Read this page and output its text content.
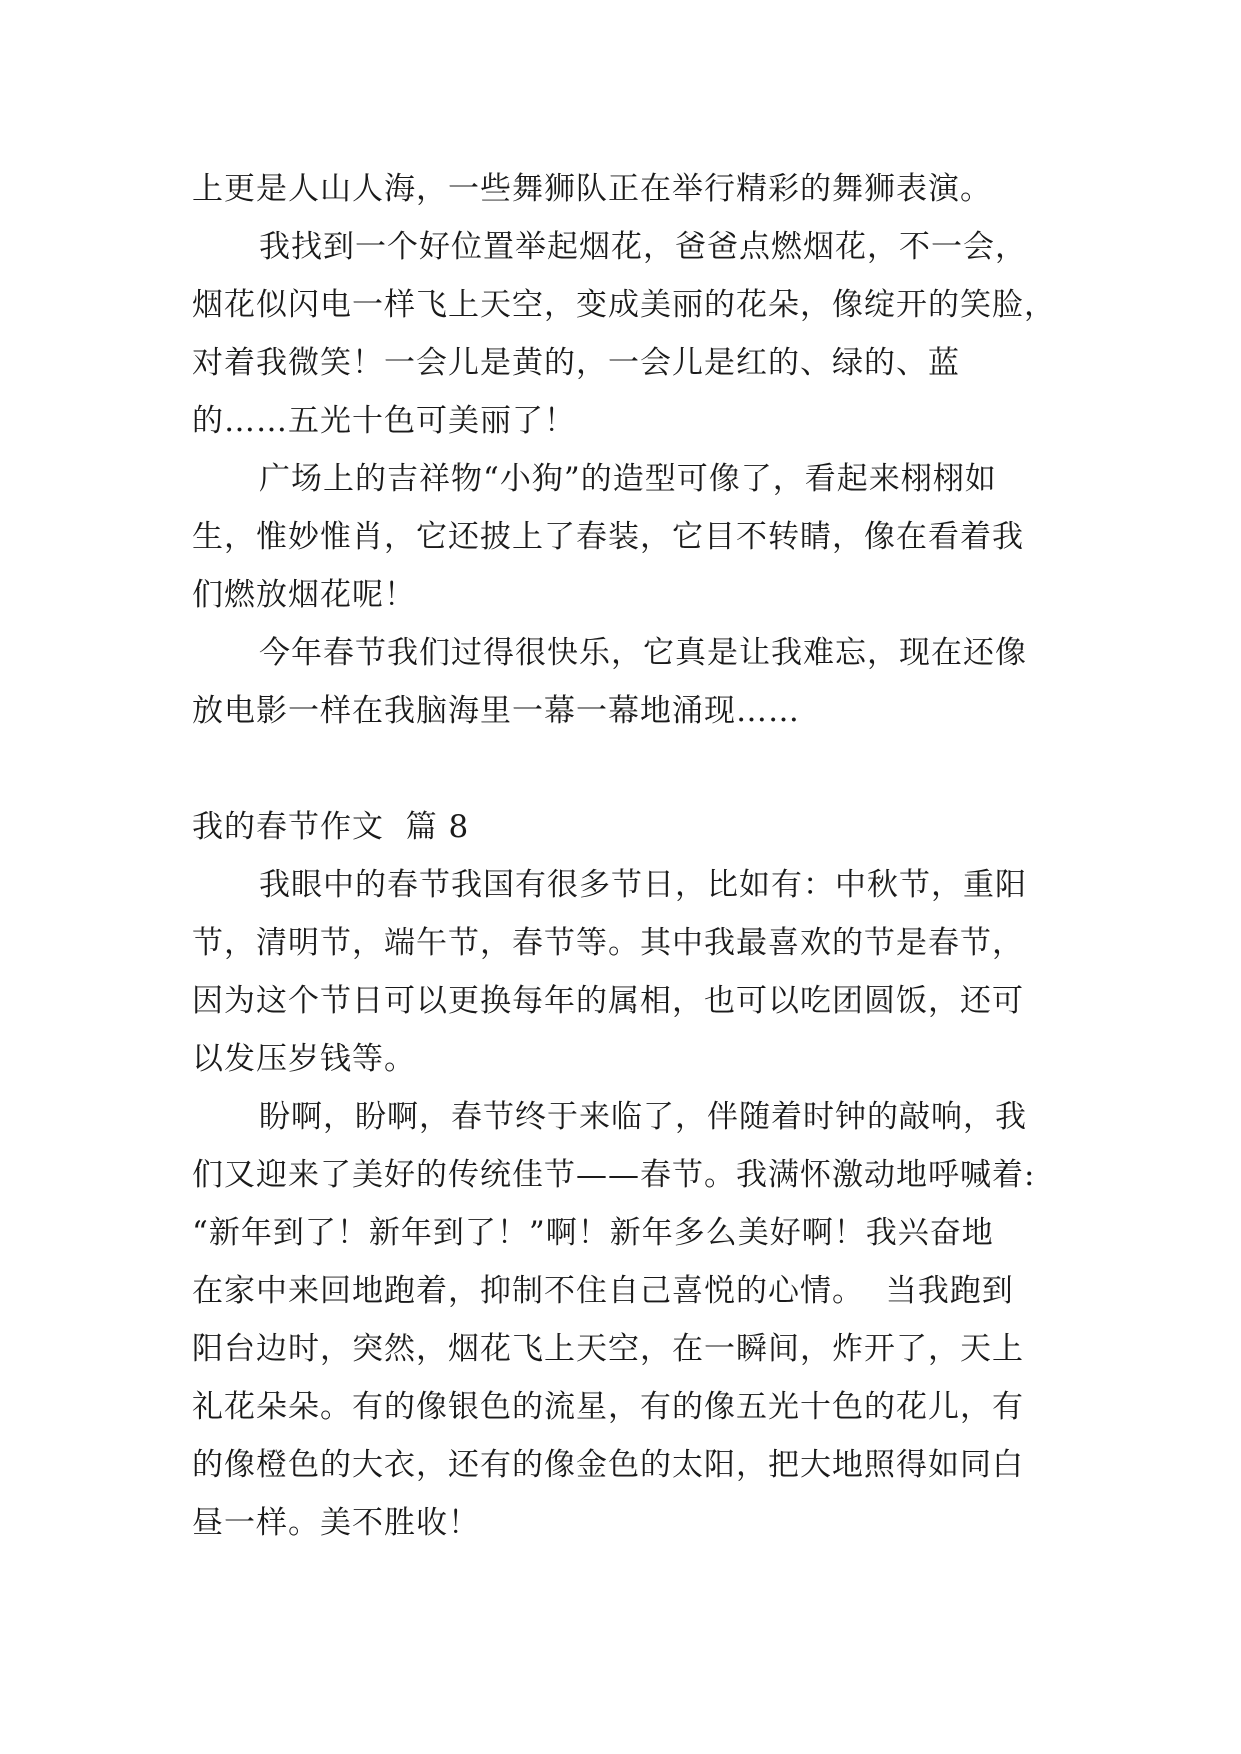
上更是人山人海，一些舞狮队正在举行精彩的舞狮表演。
我找到一个好位置举起烟花，爸爸点燃烟花，不一会，
烟花似闪电一样飞上天空，变成美丽的花朵，像绽开的笑脸，
对着我微笑！一会儿是黄的，一会儿是红的、绿的、蓝
的……五光十色可美丽了！
广场上的吉祥物“小狗”的造型可像了，看起来栩栩如
生，惟妙惟肖，它还披上了春装，它目不转睛，像在看着我
们燃放烟花呢！
今年春节我们过得很快乐，它真是让我难忘，现在还像
放电影一样在我脑海里一幕一幕地涌现……
我的春节作文  篇 8
我眼中的春节我国有很多节日，比如有：中秋节，重阳
节，清明节，端午节，春节等。其中我最喜欢的节是春节，
因为这个节日可以更换每年的属相，也可以吃团圆饭，还可
以发压岁钱等。
盼啊，盼啊，春节终于来临了，伴随着时钟的敲响，我
们又迎来了美好的传统佳节——春节。我满怀激动地呼喊着:
“新年到了！新年到了！”啊！新年多么美好啊！我兴奋地
在家中来回地跑着，抑制不住自己喜悦的心情。  当我跑到
阳台边时，突然，烟花飞上天空，在一瞬间，炸开了，天上
礼花朵朵。有的像银色的流星，有的像五光十色的花儿，有
的像橙色的大衣，还有的像金色的太阳，把大地照得如同白
昼一样。美不胜收！
